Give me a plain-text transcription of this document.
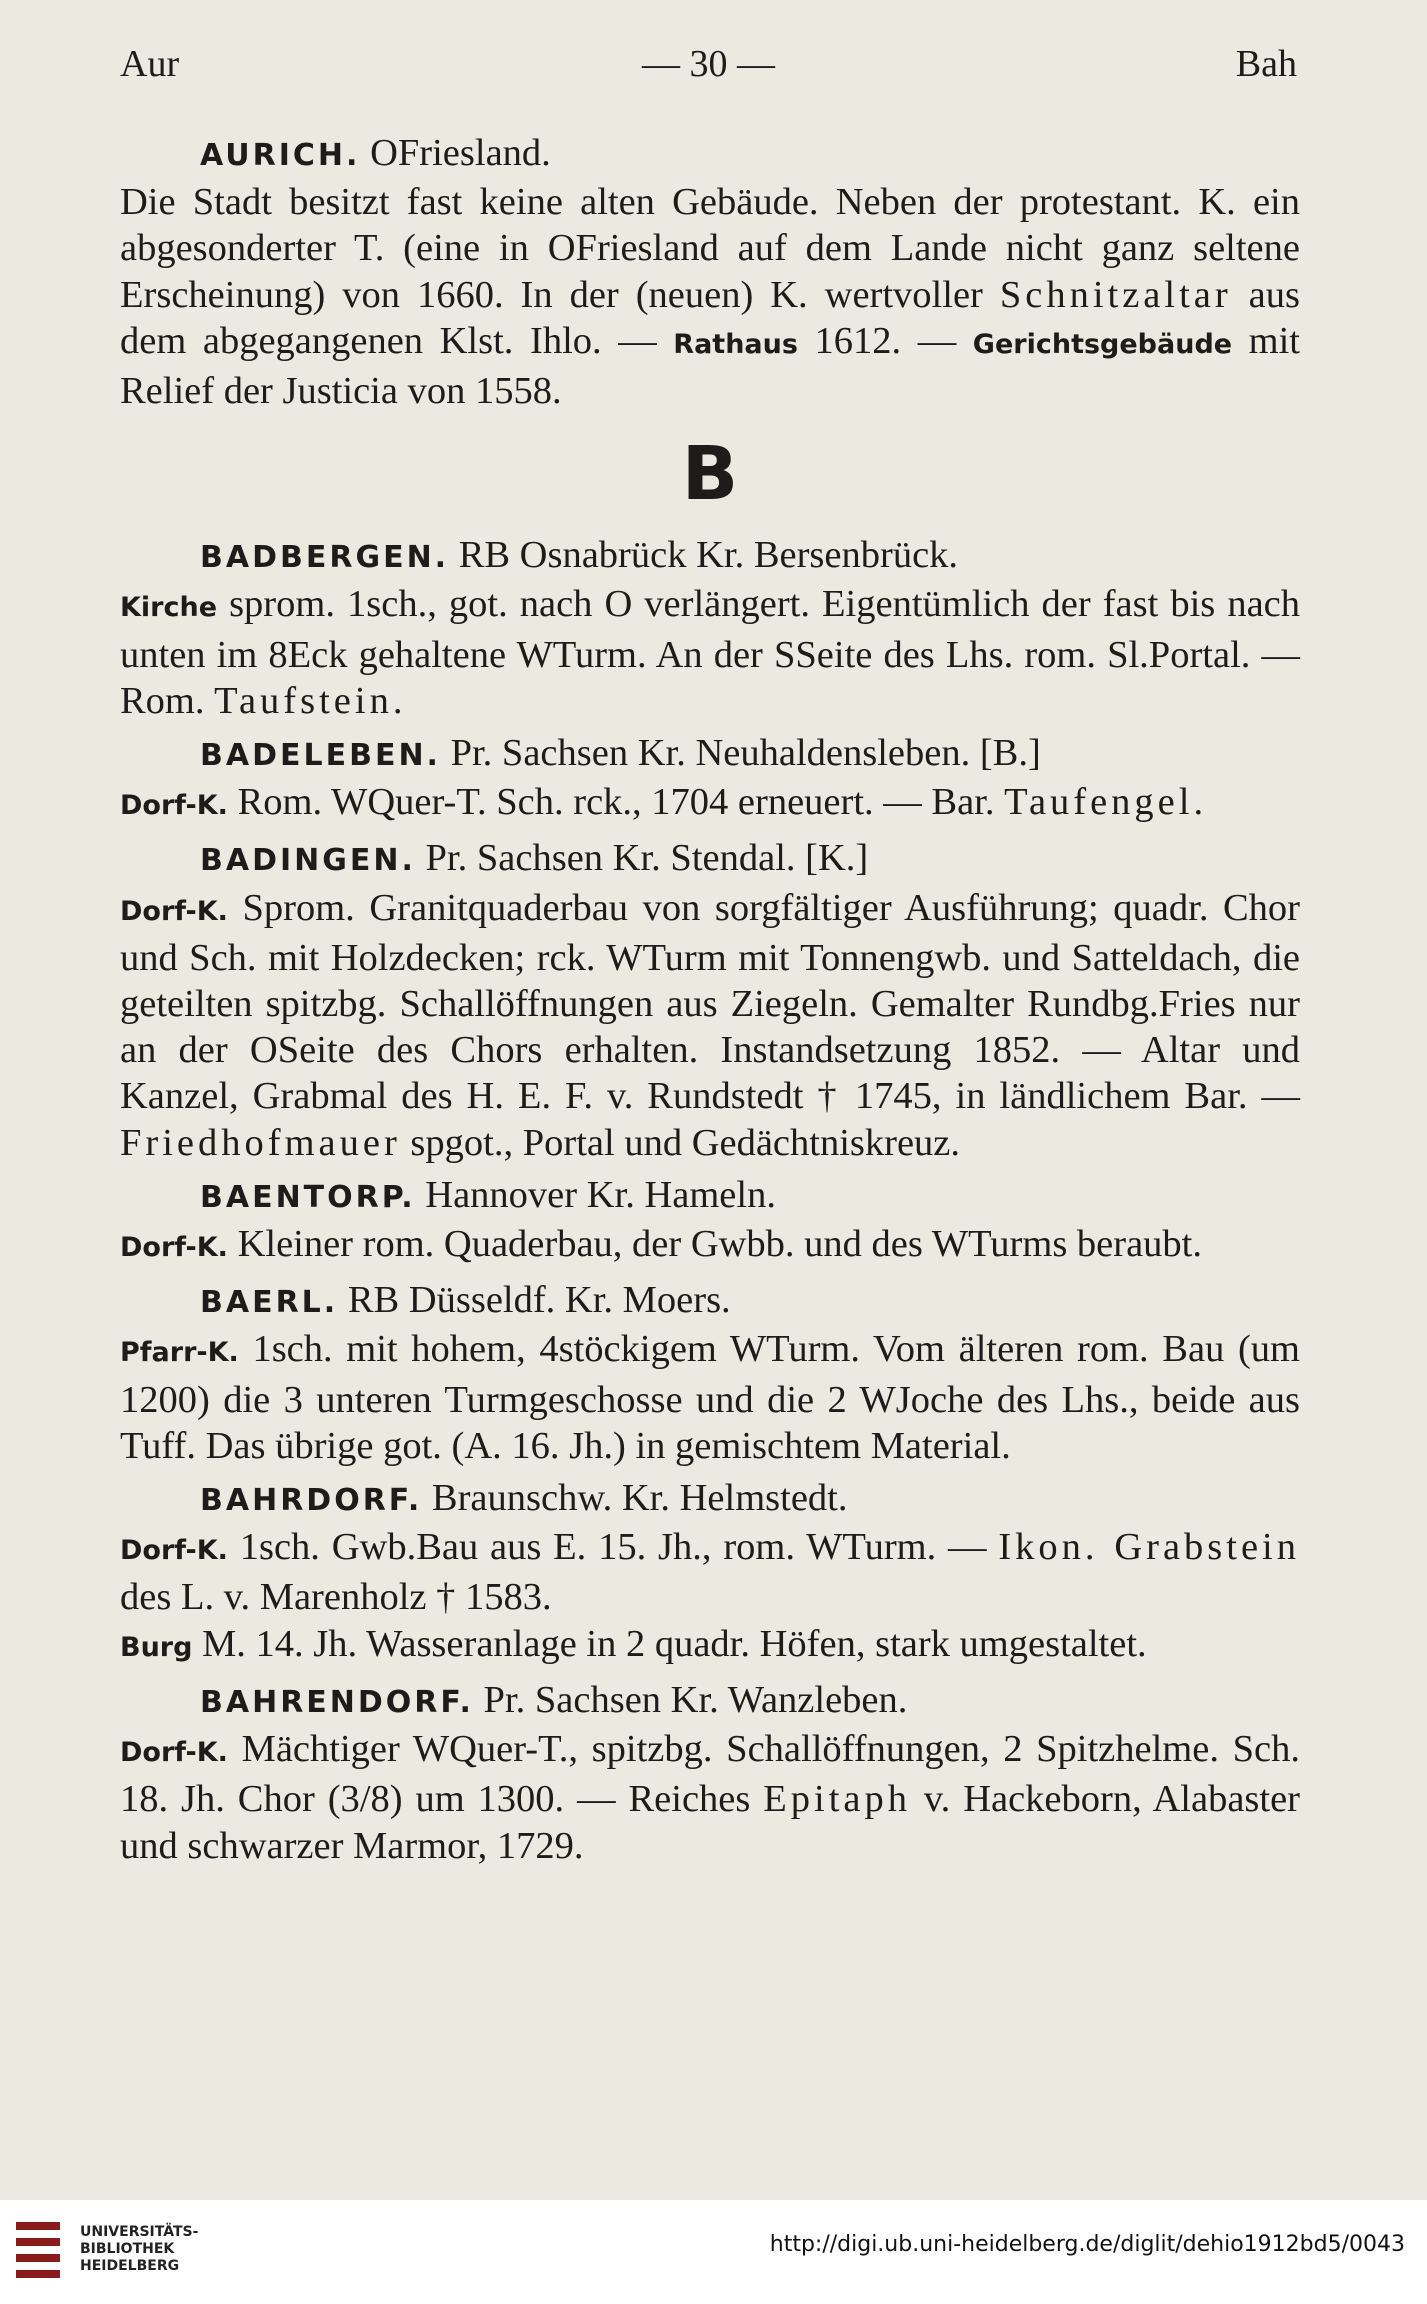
Aur	— 30 —	Bah

AURICH. OFriesland.

Die Stadt besitzt fast keine alten Gebäude. Neben der protestant. K. ein abgesonderter T. (eine in OFriesland auf dem Lande nicht ganz seltene Erscheinung) von 1660. In der (neuen) K. wertvoller Schnitzaltar aus dem abgegangenen Klst. Ihlo. — Rathaus 1612. — Gerichtsgebäude mit Relief der Justicia von 1558.

B

BADBERGEN. RB Osnabrück Kr. Bersenbrück.

Kirche sprom. 1sch., got. nach O verlängert. Eigentümlich der fast bis nach unten im 8Eck gehaltene WTurm. An der SSeite des Lhs. rom. Sl.Portal. — Rom. Taufstein.

BADELEBEN. Pr. Sachsen Kr. Neuhaldensleben. [B.]

Dorf-K. Rom. WQuer-T. Sch. rck., 1704 erneuert. — Bar. Taufengel.

BADINGEN. Pr. Sachsen Kr. Stendal. [K.]

Dorf-K. Sprom. Granitquaderbau von sorgfältiger Ausführung; quadr. Chor und Sch. mit Holzdecken; rck. WTurm mit Tonnengwb. und Satteldach, die geteilten spitzbg. Schallöffnungen aus Ziegeln. Gemalter Rundbg.Fries nur an der OSeite des Chors erhalten. Instandsetzung 1852. — Altar und Kanzel, Grabmal des H. E. F. v. Rundstedt † 1745, in ländlichem Bar. — Friedhofmauer spgot., Portal und Gedächtniskreuz.

BAENTORP. Hannover Kr. Hameln.

Dorf-K. Kleiner rom. Quaderbau, der Gwbb. und des WTurms beraubt.

BAERL. RB Düsseldf. Kr. Moers.

Pfarr-K. 1sch. mit hohem, 4stöckigem WTurm. Vom älteren rom. Bau (um 1200) die 3 unteren Turmgeschosse und die 2 WJoche des Lhs., beide aus Tuff. Das übrige got. (A. 16. Jh.) in gemischtem Material.

BAHRDORF. Braunschw. Kr. Helmstedt.

Dorf-K. 1sch. Gwb.Bau aus E. 15. Jh., rom. WTurm. — Ikon. Grabstein des L. v. Marenholz † 1583.

Burg M. 14. Jh. Wasseranlage in 2 quadr. Höfen, stark umgestaltet.

BAHRENDORF. Pr. Sachsen Kr. Wanzleben.

Dorf-K. Mächtiger WQuer-T., spitzbg. Schallöffnungen, 2 Spitzhelme. Sch. 18. Jh. Chor (3/8) um 1300. — Reiches Epitaph v. Hackeborn, Alabaster und schwarzer Marmor, 1729.

UNIVERSITÄTS-
BIBLIOTHEK
HEIDELBERG
http://digi.ub.uni-heidelberg.de/diglit/dehio1912bd5/0043
